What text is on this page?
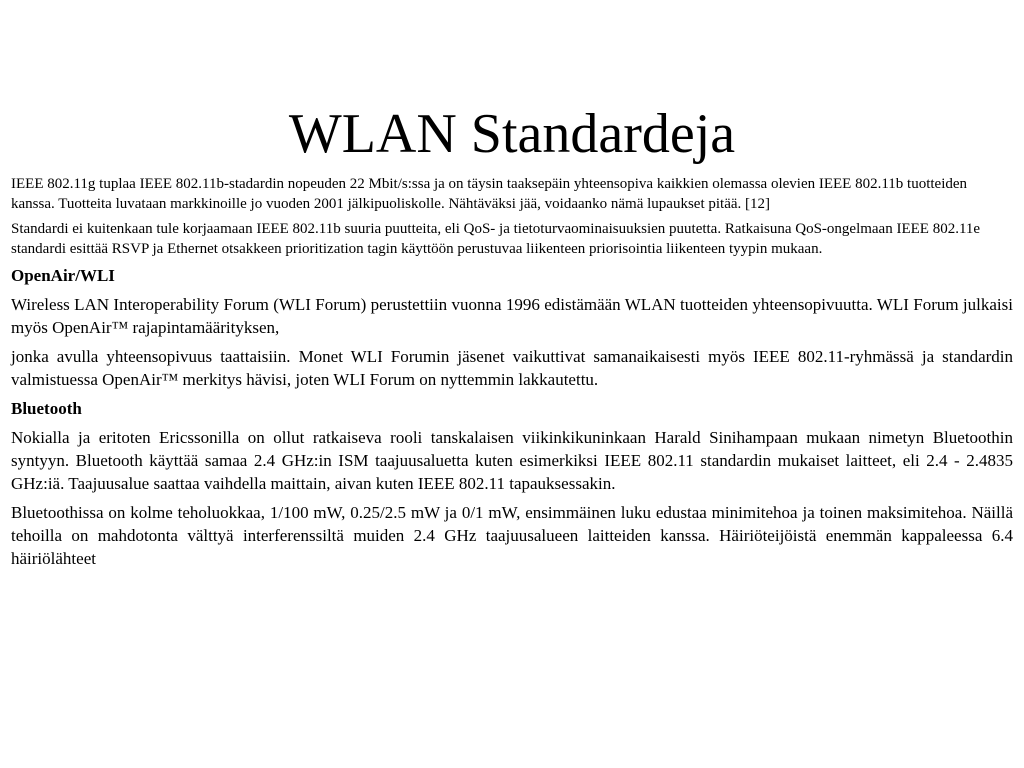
WLAN Standardeja

IEEE 802.11g tuplaa IEEE 802.11b-stadardin nopeuden 22 Mbit/s:ssa ja on täysin taaksepäin yhteensopiva kaikkien olemassa olevien IEEE 802.11b tuotteiden kanssa. Tuotteita luvataan markkinoille jo vuoden 2001 jälkipuoliskolle. Nähtäväksi jää, voidaanko nämä lupaukset pitää. [12]

Standardi ei kuitenkaan tule korjaamaan IEEE 802.11b suuria puutteita, eli QoS- ja tietoturvaominaisuuksien puutetta. Ratkaisuna QoS-ongelmaan IEEE 802.11e standardi esittää RSVP ja Ethernet otsakkeen prioritization tagin käyttöön perustuvaa liikenteen priorisointia liikenteen tyypin mukaan.

OpenAir/WLI

Wireless LAN Interoperability Forum (WLI Forum) perustettiin vuonna 1996 edistämään WLAN tuotteiden yhteensopivuutta. WLI Forum julkaisi myös OpenAir™ rajapintamäärityksen,

jonka avulla yhteensopivuus taattaisiin. Monet WLI Forumin jäsenet vaikuttivat samanaikaisesti myös IEEE 802.11-ryhmässä ja standardin valmistuessa OpenAir™ merkitys hävisi, joten WLI Forum on nyttemmin lakkautettu.

Bluetooth

Nokialla ja eritoten Ericssonilla on ollut ratkaiseva rooli tanskalaisen viikinkikuninkaan Harald Sinihampaan mukaan nimetyn Bluetoothin syntyyn. Bluetooth käyttää samaa 2.4 GHz:in ISM taajuusaluetta kuten esimerkiksi IEEE 802.11 standardin mukaiset laitteet, eli 2.4 - 2.4835 GHz:iä. Taajuusalue saattaa vaihdella maittain, aivan kuten IEEE 802.11 tapauksessakin.

Bluetoothissa on kolme teholuokkaa, 1/100 mW, 0.25/2.5 mW ja 0/1 mW, ensimmäinen luku edustaa minimitehoa ja toinen maksimitehoa. Näillä tehoilla on mahdotonta välttyä interferenssiltä muiden 2.4 GHz taajuusalueen laitteiden kanssa. Häiriöteijöistä enemmän kappaleessa 6.4 häiriölähteet
